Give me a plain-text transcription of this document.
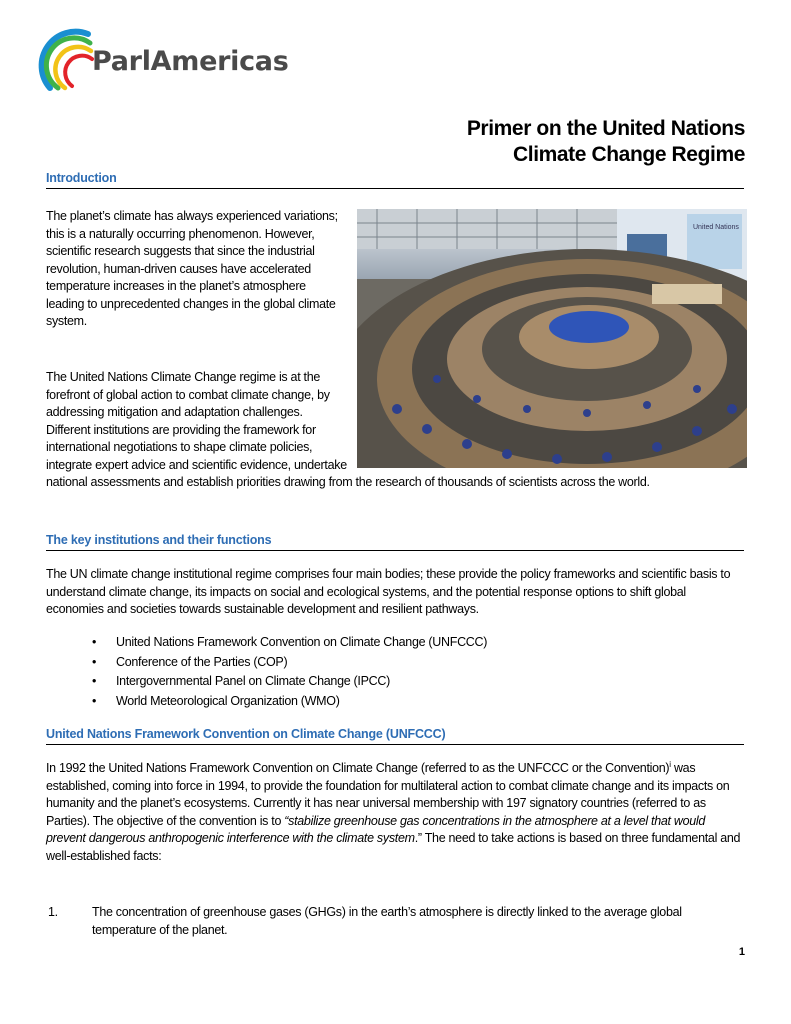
ParlAmericas
Primer on the United Nations
Climate Change Regime
Introduction
The planet’s climate has always experienced variations; this is a naturally occurring phenomenon. However, scientific research suggests that since the industrial revolution, human-driven causes have accelerated temperature increases in the planet’s atmosphere leading to unprecedented changes in the global climate system.
The United Nations Climate Change regime is at the forefront of global action to combat climate change, by addressing mitigation and adaptation challenges. Different institutions are providing the framework for international negotiations to shape climate policies, integrate expert advice and scientific evidence, undertake national assessments and establish priorities drawing from the research of thousands of scientists across the world.
United Nations
The key institutions and their functions
The UN climate change institutional regime comprises four main bodies; these provide the policy frameworks and scientific basis to understand climate change, its impacts on social and ecological systems, and the potential response options to shift global economies and societies towards sustainable development and resilient pathways.
• United Nations Framework Convention on Climate Change (UNFCCC)
• Conference of the Parties (COP)
• Intergovernmental Panel on Climate Change (IPCC)
• World Meteorological Organization (WMO)
United Nations Framework Convention on Climate Change (UNFCCC)
In 1992 the United Nations Framework Convention on Climate Change (referred to as the UNFCCC or the Convention)$^i$ was established, coming into force in 1994, to provide the foundation for multilateral action to combat climate change and its impacts on humanity and the planet’s ecosystems. Currently it has near universal membership with 197 signatory countries (referred to as Parties). The objective of the convention is to “stabilize greenhouse gas concentrations in the atmosphere at a level that would prevent dangerous anthropogenic interference with the climate system.” The need to take actions is based on three fundamental and well-established facts:
1.	The concentration of greenhouse gases (GHGs) in the earth’s atmosphere is directly linked to the average global temperature of the planet.
1
